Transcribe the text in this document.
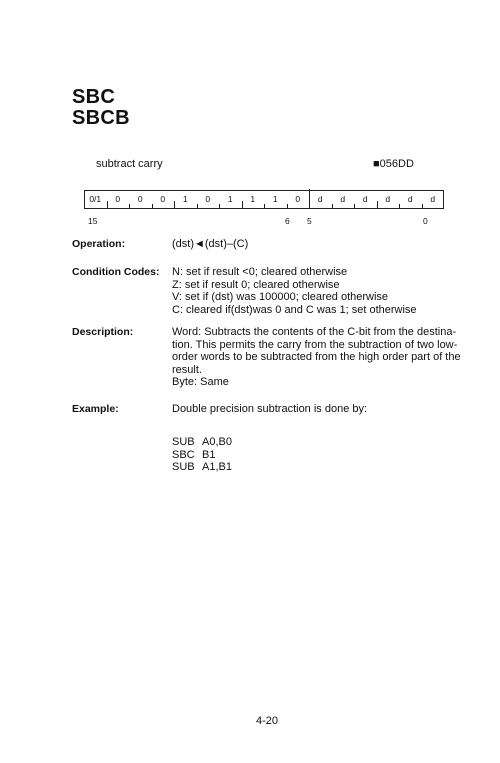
SBC
SBCB
subtract carry	■056DD
0/1	0	0	0	1	0	1	1	1	0	d	d	d	d	d	d
15	6 5	0
Operation:	(dst)◄(dst)–(C)
Condition Codes: N: set if result <0; cleared otherwise
Z: set if result 0; cleared otherwise
V: set if (dst) was 100000; cleared otherwise
C: cleared if(dst)was 0 and C was 1; set otherwise
Description:	Word: Subtracts the contents of the C-bit from the destina-
tion. This permits the carry from the subtraction of two low-
order words to be subtracted from the high order part of the
result.
Byte: Same
Example:	Double precision subtraction is done by:
SUB A0,B0
SBC B1
SUB A1,B1
4-20
